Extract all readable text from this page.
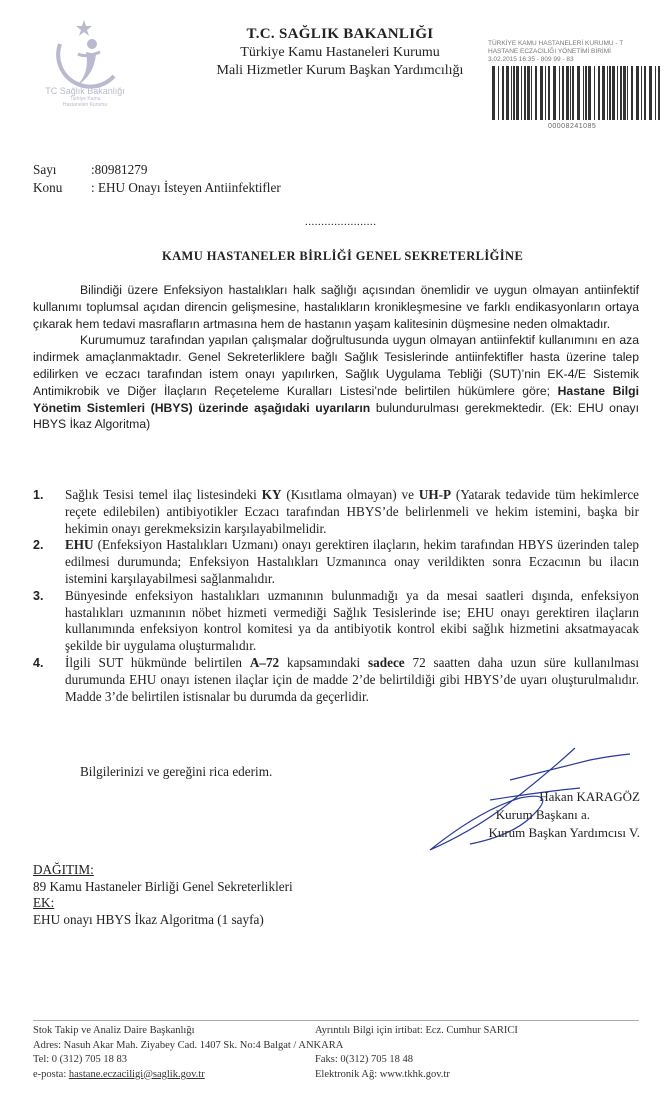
TC Sağlık Bakanlığı
Türkiye Kamu
Hastaneleri Kurumu
T.C. SAĞLIK BAKANLIĞI
Türkiye Kamu Hastaneleri Kurumu
Mali Hizmetler Kurum Başkan Yardımcılığı
TÜRKİYE KAMU HASTANELERİ KURUMU - T
HASTANE ECZACILIĞI YÖNETİMİ BİRİMİ
3.02.2015 16:35 - 809 99 - 83
00008241085
Sayı	:80981279
Konu : EHU Onayı İsteyen Antiinfektifler
......................
KAMU HASTANELER BİRLİĞİ GENEL SEKRETERLİĞİNE

Bilindiği üzere Enfeksiyon hastalıkları halk sağlığı açısından önemlidir ve uygun olmayan antiinfektif kullanımı toplumsal açıdan direncin gelişmesine, hastalıkların kronikleşmesine ve farklı endikasyonların ortaya çıkarak hem tedavi masrafların artmasına hem de hastanın yaşam kalitesinin düşmesine neden olmaktadır.

Kurumumuz tarafından yapılan çalışmalar doğrultusunda uygun olmayan antiinfektif kullanımını en aza indirmek amaçlanmaktadır. Genel Sekreterliklere bağlı Sağlık Tesislerinde antiinfektifler hasta üzerine talep edilirken ve eczacı tarafından istem onayı yapılırken, Sağlık Uygulama Tebliği (SUT)’nin EK-4/E Sistemik Antimikrobik ve Diğer İlaçların Reçeteleme Kuralları Listesi’nde belirtilen hükümlere göre; Hastane Bilgi Yönetim Sistemleri (HBYS) üzerinde aşağıdaki uyarıların bulundurulması gerekmektedir. (Ek: EHU onayı HBYS İkaz Algoritma)

1. Sağlık Tesisi temel ilaç listesindeki KY (Kısıtlama olmayan) ve UH-P (Yatarak tedavide tüm hekimlerce reçete edilebilen) antibiyotikler Eczacı tarafından HBYS’de belirlenmeli ve hekim istemini, başka bir hekimin onayı gerekmeksizin karşılayabilmelidir.
2. EHU (Enfeksiyon Hastalıkları Uzmanı) onayı gerektiren ilaçların, hekim tarafından HBYS üzerinden talep edilmesi durumunda; Enfeksiyon Hastalıkları Uzmanınca onay verildikten sonra Eczacının bu ilacın istemini karşılayabilmesi sağlanmalıdır.
3. Bünyesinde enfeksiyon hastalıkları uzmanının bulunmadığı ya da mesai saatleri dışında, enfeksiyon hastalıkları uzmanının nöbet hizmeti vermediği Sağlık Tesislerinde ise; EHU onayı gerektiren ilaçların kullanımında enfeksiyon kontrol komitesi ya da antibiyotik kontrol ekibi sağlık hizmetini aksatmayacak şekilde bir uygulama oluşturmalıdır.
4. İlgili SUT hükmünde belirtilen A–72 kapsamındaki sadece 72 saatten daha uzun süre kullanılması durumunda EHU onayı istenen ilaçlar için de madde 2’de belirtildiği gibi HBYS’de uyarı oluşturulmalıdır. Madde 3’de belirtilen istisnalar bu durumda da geçerlidir.
Bilgilerinizi ve gereğini rica ederim.
Hakan KARAGÖZ
Kurum Başkanı a.
Kurum Başkan Yardımcısı V.
DAĞITIM:
89 Kamu Hastaneler Birliği Genel Sekreterlikleri
EK:
EHU onayı HBYS İkaz Algoritma (1 sayfa)
Stok Takip ve Analiz Daire Başkanlığı	Ayrıntılı Bilgi için irtibat: Ecz. Cumhur SARICI
Adres: Nasuh Akar Mah. Ziyabey Cad. 1407 Sk. No:4 Balgat / ANKARA
Tel: 0 (312) 705 18 83	Faks: 0(312) 705 18 48
e-posta: hastane.eczaciligi@saglik.gov.tr	Elektronik Ağ: www.tkhk.gov.tr
